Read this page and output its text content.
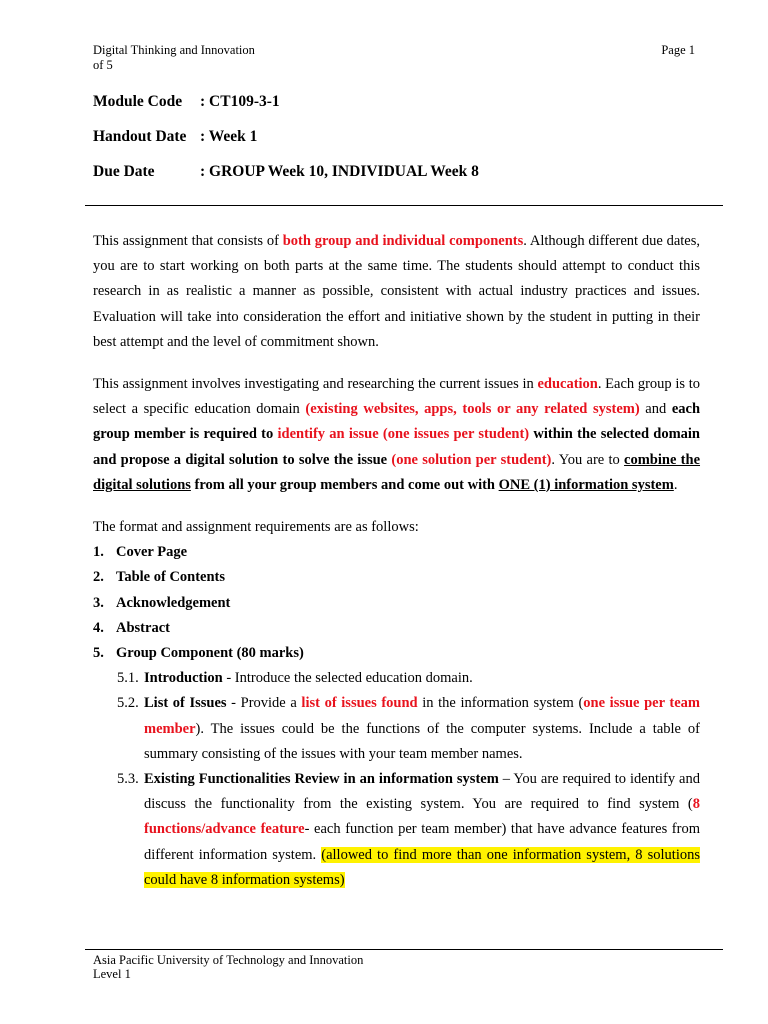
Digital Thinking and Innovation
of 5
Page 1
Module Code : CT109-3-1
Handout Date : Week 1
Due Date	: GROUP Week 10, INDIVIDUAL Week 8

This assignment that consists of both group and individual components. Although different due dates, you are to start working on both parts at the same time. The students should attempt to conduct this research in as realistic a manner as possible, consistent with actual industry practices and issues. Evaluation will take into consideration the effort and initiative shown by the student in putting in their best attempt and the level of commitment shown.

This assignment involves investigating and researching the current issues in education. Each group is to select a specific education domain (existing websites, apps, tools or any related system) and each group member is required to identify an issue (one issues per student) within the selected domain and propose a digital solution to solve the issue (one solution per student). You are to combine the digital solutions from all your group members and come out with ONE (1) information system.

The format and assignment requirements are as follows:

1. Cover Page
2. Table of Contents
3. Acknowledgement
4. Abstract
5. Group Component (80 marks)
5.1. Introduction - Introduce the selected education domain.
5.2. List of Issues - Provide a list of issues found in the information system (one issue per team member). The issues could be the functions of the computer systems. Include a table of summary consisting of the issues with your team member names.
5.3. Existing Functionalities Review in an information system – You are required to identify and discuss the functionality from the existing system. You are required to find system (8 functions/advance feature- each function per team member) that have advance features from different information system. (allowed to find more than one information system, 8 solutions could have 8 information systems)
Asia Pacific University of Technology and Innovation
Level 1
